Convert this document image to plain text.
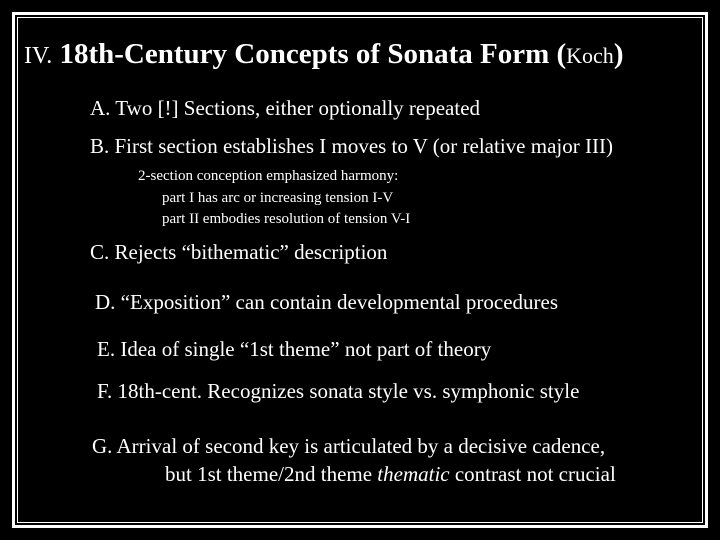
IV. 18th-Century Concepts of Sonata Form (Koch)
A. Two [!] Sections, either optionally repeated
B. First section establishes I moves to V (or relative major III)
2-section conception emphasized harmony:
part I has arc or increasing tension I-V
part II embodies resolution of tension V-I
C. Rejects “bithematic” description
D. “Exposition” can contain developmental procedures
E. Idea of single “1st theme” not part of theory
F. 18th-cent. Recognizes sonata style vs. symphonic style
G. Arrival of second key is articulated by a decisive cadence,
but 1st theme/2nd theme thematic contrast not crucial
